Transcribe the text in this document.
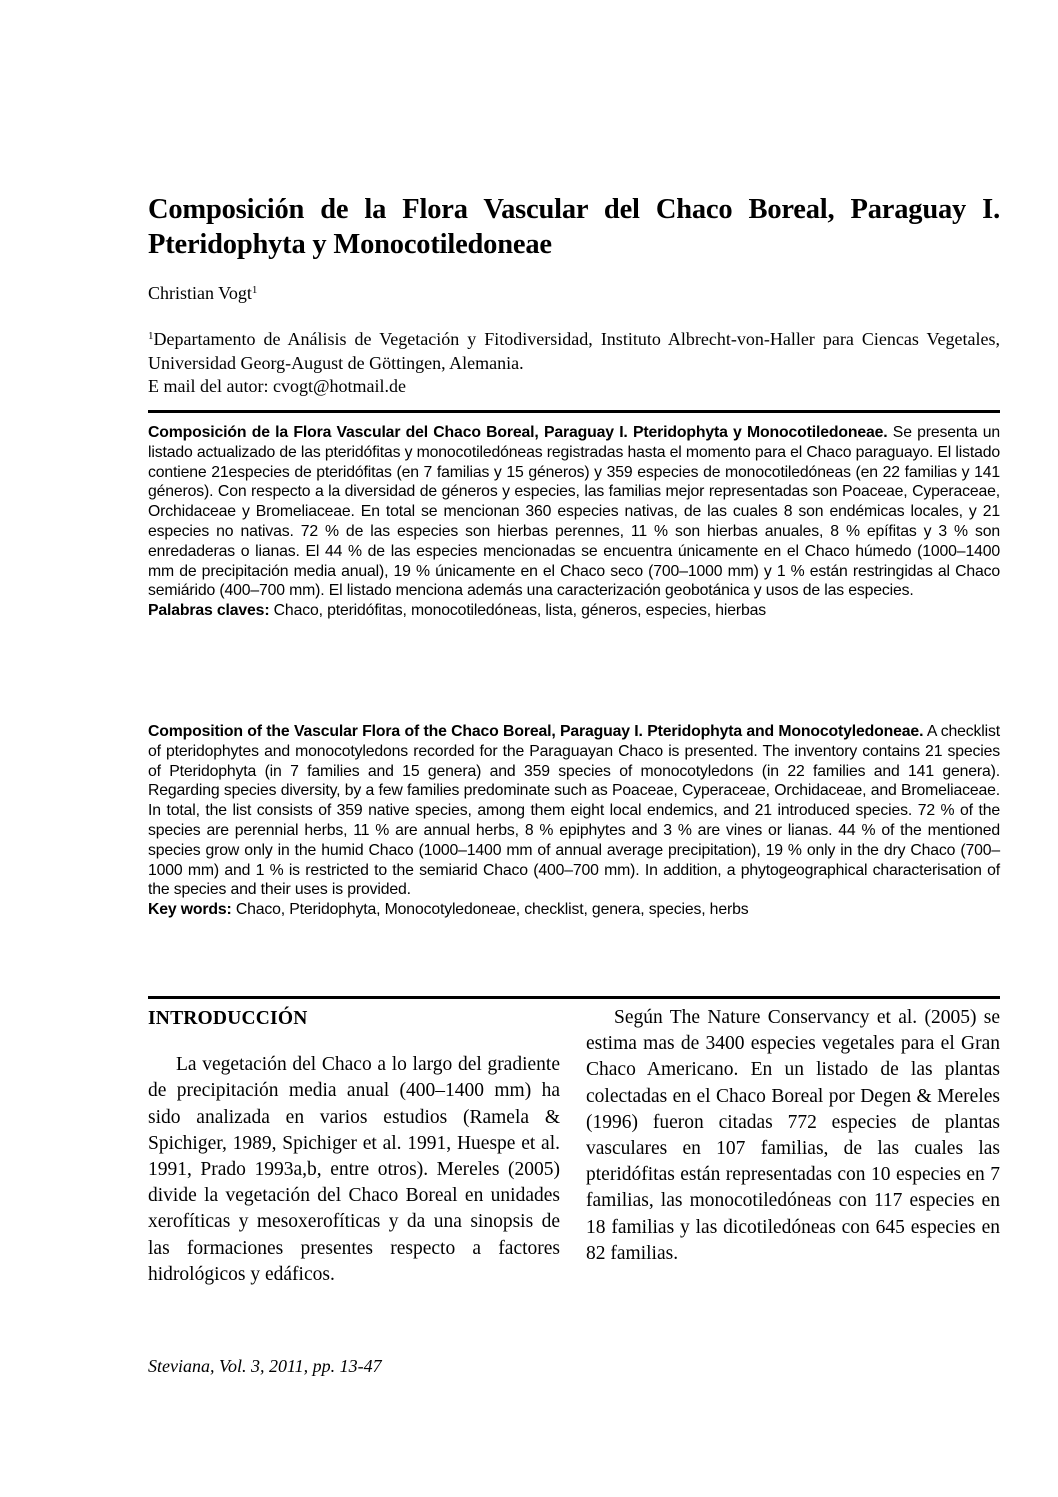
Composición de la Flora Vascular del Chaco Boreal, Paraguay I. Pteridophyta y Monocotiledoneae
Christian Vogt$^1$
$^1$Departamento de Análisis de Vegetación y Fitodiversidad, Instituto Albrecht-von-Haller para Ciencas Vegetales, Universidad Georg-August de Göttingen, Alemania.
E mail del autor: cvogt@hotmail.de
Composición de la Flora Vascular del Chaco Boreal, Paraguay I. Pteridophyta y Monocotiledoneae. Se presenta un listado actualizado de las pteridófitas y monocotiledóneas registradas hasta el momento para el Chaco paraguayo. El listado contiene 21especies de pteridófitas (en 7 familias y 15 géneros) y 359 especies de monocotiledóneas (en 22 familias y 141 géneros). Con respecto a la diversidad de géneros y especies, las familias mejor representadas son Poaceae, Cyperaceae, Orchidaceae y Bromeliaceae. En total se mencionan 360 especies nativas, de las cuales 8 son endémicas locales, y 21 especies no nativas. 72 % de las especies son hierbas perennes, 11 % son hierbas anuales, 8 % epífitas y 3 % son enredaderas o lianas. El 44 % de las especies mencionadas se encuentra únicamente en el Chaco húmedo (1000–1400 mm de precipitación media anual), 19 % únicamente en el Chaco seco (700–1000 mm) y 1 % están restringidas al Chaco semiárido (400–700 mm). El listado menciona además una caracterización geobotánica y usos de las especies.
Palabras claves: Chaco, pteridófitas, monocotiledóneas, lista, géneros, especies, hierbas
Composition of the Vascular Flora of the Chaco Boreal, Paraguay I. Pteridophyta and Monocotyledoneae. A checklist of pteridophytes and monocotyledons recorded for the Paraguayan Chaco is presented. The inventory contains 21 species of Pteridophyta (in 7 families and 15 genera) and 359 species of monocotyledons (in 22 families and 141 genera). Regarding species diversity, by a few families predominate such as Poaceae, Cyperaceae, Orchidaceae, and Bromeliaceae. In total, the list consists of 359 native species, among them eight local endemics, and 21 introduced species. 72 % of the species are perennial herbs, 11 % are annual herbs, 8 % epiphytes and 3 % are vines or lianas. 44 % of the mentioned species grow only in the humid Chaco (1000–1400 mm of annual average precipitation), 19 % only in the dry Chaco (700–1000 mm) and 1 % is restricted to the semiarid Chaco (400–700 mm). In addition, a phytogeographical characterisation of the species and their uses is provided.
Key words: Chaco, Pteridophyta, Monocotyledoneae, checklist, genera, species, herbs
INTRODUCCIÓN

La vegetación del Chaco a lo largo del gradiente de precipitación media anual (400–1400 mm) ha sido analizada en varios estudios (Ramela & Spichiger, 1989, Spichiger et al. 1991, Huespe et al. 1991, Prado 1993a,b, entre otros). Mereles (2005) divide la vegetación del Chaco Boreal en unidades xerofíticas y mesoxerofíticas y da una sinopsis de las formaciones presentes respecto a factores hidrológicos y edáficos.

Según The Nature Conservancy et al. (2005) se estima mas de 3400 especies vegetales para el Gran Chaco Americano. En un listado de las plantas colectadas en el Chaco Boreal por Degen & Mereles (1996) fueron citadas 772 especies de plantas vasculares en 107 familias, de las cuales las pteridófitas están representadas con 10 especies en 7 familias, las monocotiledóneas con 117 especies en 18 familias y las dicotiledóneas con 645 especies en 82 familias.

Steviana, Vol. 3, 2011, pp. 13-47
